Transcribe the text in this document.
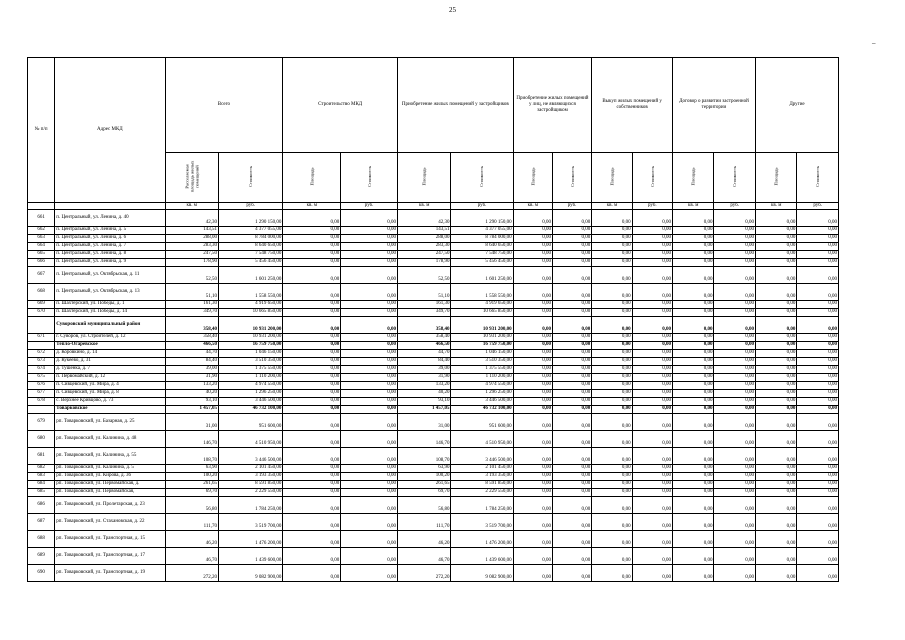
25
–
№ п/п	Адрес МКД	Всего		Строительство МКД		Приобретение жилых помещений у застройщиков		Приобретение жилых помещений у лиц, не являющихся застройщиком		Выкуп жилых помещений у собственников		Договор о развитии застроенной территории		Другие	
		Расселяемая площадь жилых помещений	Стоимость	Площадь	Стоимость	Площадь	Стоимость	Площадь	Стоимость	Площадь	Стоимость	Площадь	Стоимость	Площадь	Стоимость
		кв. м	руб.	кв. м	руб.	кв. м	руб.	кв. м	руб.	кв. м	руб.	кв. м	руб.	кв. м	руб.
661	п. Центральный, ул. Ленина, д. 40	42,30	1 290 150,00	0,00	0,00	42,30	1 290 150,00	0,00	0,00	0,00	0,00	0,00	0,00	0,00	0,00
662	п. Центральный, ул. Ленина, д. 5	143,51	4 377 055,00	0,00	0,00	143,51	4 377 055,00	0,00	0,00	0,00	0,00	0,00	0,00	0,00	0,00
663	п. Центральный, ул. Ленина, д. 6	288,00	8 784 000,00	0,00	0,00	288,00	8 784 000,00	0,00	0,00	0,00	0,00	0,00	0,00	0,00	0,00
664	п. Центральный, ул. Ленина, д. 7	283,30	8 640 650,00	0,00	0,00	283,30	8 640 650,00	0,00	0,00	0,00	0,00	0,00	0,00	0,00	0,00
665	п. Центральный, ул. Ленина, д. 8	247,50	7 548 750,00	0,00	0,00	247,50	7 548 750,00	0,00	0,00	0,00	0,00	0,00	0,00	0,00	0,00
666	п. Центральный, ул. Ленина, д. 9	178,90	5 456 450,00	0,00	0,00	178,90	5 456 450,00	0,00	0,00	0,00	0,00	0,00	0,00	0,00	0,00
667	п. Центральный, ул. Октябрьская, д. 11	52,50	1 601 250,00	0,00	0,00	52,50	1 601 250,00	0,00	0,00	0,00	0,00	0,00	0,00	0,00	0,00
668	п. Центральный, ул. Октябрьская, д. 13	51,10	1 558 550,00	0,00	0,00	51,10	1 558 550,00	0,00	0,00	0,00	0,00	0,00	0,00	0,00	0,00
669	п. Шахтерский, ул. Победы, д. 1	161,30	4 919 650,00	0,00	0,00	161,30	4 919 650,00	0,00	0,00	0,00	0,00	0,00	0,00	0,00	0,00
670	п. Шахтерский, ул. Победы, д. 14	349,70	10 665 850,00	0,00	0,00	349,70	10 665 850,00	0,00	0,00	0,00	0,00	0,00	0,00	0,00	0,00
	Суворовский муниципальный район	358,40	10 931 200,00	0,00	0,00	358,40	10 931 200,00	0,00	0,00	0,00	0,00	0,00	0,00	0,00	0,00
671	г. Суворов, ул. Строителей, д. 12	358,40	10 931 200,00	0,00	0,00	358,40	10 931 200,00	0,00	0,00	0,00	0,00	0,00	0,00	0,00	0,00
	Тепло-Огаревское	466,50	16 759 750,00	0,00	0,00	466,50	16 759 750,00	0,00	0,00	0,00	0,00	0,00	0,00	0,00	0,00
672	д. Коровкино, д. 14	44,70	1 046 150,00	0,00	0,00	44,70	1 046 150,00	0,00	0,00	0,00	0,00	0,00	0,00	0,00	0,00
673	д. Кукеево, д. 31	84,40	3 510 350,00	0,00	0,00	84,40	3 510 350,00	0,00	0,00	0,00	0,00	0,00	0,00	0,00	0,00
674	д. Тушенка, д. 7	39,00	1 375 550,00	0,00	0,00	39,00	1 375 550,00	0,00	0,00	0,00	0,00	0,00	0,00	0,00	0,00
675	п. Первомайский, д. 12	31,90	1 110 200,00	0,00	0,00	31,90	1 110 200,00	0,00	0,00	0,00	0,00	0,00	0,00	0,00	0,00
676	п. Сивцевский, ул. Мира, д. 4	133,20	4 974 550,00	0,00	0,00	133,20	4 974 550,00	0,00	0,00	0,00	0,00	0,00	0,00	0,00	0,00
677	п. Сивцевский, ул. Мира, д. 8	40,20	1 296 250,00	0,00	0,00	40,20	1 296 250,00	0,00	0,00	0,00	0,00	0,00	0,00	0,00	0,00
678	с. Верхнее Кривцово, д. 73	93,10	3 446 500,00	0,00	0,00	93,10	3 446 500,00	0,00	0,00	0,00	0,00	0,00	0,00	0,00	0,00
	Товарковское	1 457,05	46 732 100,00	0,00	0,00	1 457,05	46 732 100,00	0,00	0,00	0,00	0,00	0,00	0,00	0,00	0,00
679	рп. Товарковский, ул. Базарная, д. 25	31,00	951 600,00	0,00	0,00	31,00	951 600,00	0,00	0,00	0,00	0,00	0,00	0,00	0,00	0,00
680	рп. Товарковский, ул. Калинина, д. 48	146,70	4 510 950,00	0,00	0,00	146,70	4 510 950,00	0,00	0,00	0,00	0,00	0,00	0,00	0,00	0,00
681	рп. Товарковский, ул. Калинина, д. 55	108,70	3 446 500,00	0,00	0,00	108,70	3 446 500,00	0,00	0,00	0,00	0,00	0,00	0,00	0,00	0,00
682	рп. Товарковский, ул. Калинина, д. 5	63,90	2 101 450,00	0,00	0,00	63,90	2 101 450,00	0,00	0,00	0,00	0,00	0,00	0,00	0,00	0,00
683	рп. Товарковский, ул. Кирова, д. 36	100,20	3 193 350,00	0,00	0,00	100,20	3 193 350,00	0,00	0,00	0,00	0,00	0,00	0,00	0,00	0,00
684	рп. Товарковский, ул. Первомайская, д.	261,65	8 591 850,00	0,00	0,00	261,65	8 591 850,00	0,00	0,00	0,00	0,00	0,00	0,00	0,00	0,00
685	рп. Товарковский, ул. Первомайская,	69,70	2 229 550,00	0,00	0,00	69,70	2 229 550,00	0,00	0,00	0,00	0,00	0,00	0,00	0,00	0,00
686	рп. Товарковский, ул. Пролетарская, д. 23	56,80	1 784 250,00	0,00	0,00	56,80	1 784 250,00	0,00	0,00	0,00	0,00	0,00	0,00	0,00	0,00
687	рп. Товарковский, ул. Стахановская, д. 22	111,70	3 519 700,00	0,00	0,00	111,70	3 519 700,00	0,00	0,00	0,00	0,00	0,00	0,00	0,00	0,00
688	рп. Товарковский, ул. Транспортная, д. 15	46,20	1 476 200,00	0,00	0,00	46,20	1 476 200,00	0,00	0,00	0,00	0,00	0,00	0,00	0,00	0,00
689	рп. Товарковский, ул. Транспортная, д. 17	46,70	1 439 600,00	0,00	0,00	46,70	1 439 600,00	0,00	0,00	0,00	0,00	0,00	0,00	0,00	0,00
690	рп. Товарковский, ул. Транспортная, д. 19	272,20	9 082 900,00	0,00	0,00	272,20	9 082 900,00	0,00	0,00	0,00	0,00	0,00	0,00	0,00	0,00
